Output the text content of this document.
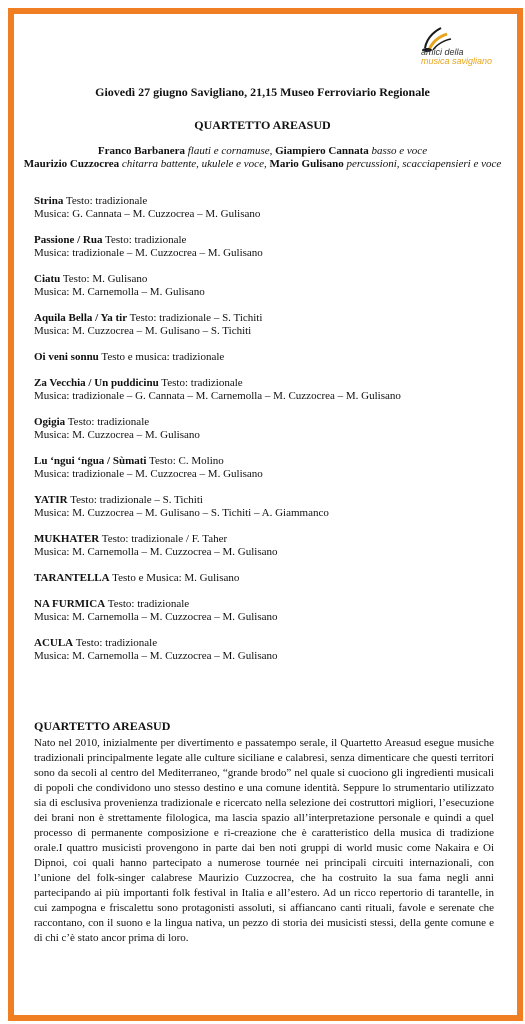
amici della
musica savigliano
Giovedì 27 giugno Savigliano, 21,15 Museo Ferroviario Regionale
QUARTETTO AREASUD
Franco Barbanera flauti e cornamuse, Giampiero Cannata basso e voce
Maurizio Cuzzocrea chitarra battente, ukulele e voce, Mario Gulisano percussioni, scacciapensieri e voce

Strina Testo: tradizionale

Musica: G. Cannata – M. Cuzzocrea – M. Gulisano

Passione / Rua Testo: tradizionale

Musica: tradizionale – M. Cuzzocrea – M. Gulisano

Ciatu Testo: M. Gulisano

Musica: M. Carnemolla – M. Gulisano

Aquila Bella / Ya tir Testo: tradizionale – S. Tichiti

Musica: M. Cuzzocrea – M. Gulisano – S. Tichiti

Oi veni sonnu Testo e musica: tradizionale

Za Vecchia / Un puddicinu Testo: tradizionale

Musica: tradizionale – G. Cannata – M. Carnemolla – M. Cuzzocrea – M. Gulisano

Ogigia Testo: tradizionale

Musica: M. Cuzzocrea – M. Gulisano

Lu ‘ngui ‘ngua / Sùmati Testo: C. Molino

Musica: tradizionale – M. Cuzzocrea – M. Gulisano

YATIR Testo: tradizionale – S. Tichiti

Musica: M. Cuzzocrea – M. Gulisano – S. Tichiti – A. Giammanco

MUKHATER Testo: tradizionale / F. Taher

Musica: M. Carnemolla – M. Cuzzocrea – M. Gulisano

TARANTELLA Testo e Musica: M. Gulisano

NA FURMICA Testo: tradizionale

Musica: M. Carnemolla – M. Cuzzocrea – M. Gulisano

ACULA Testo: tradizionale

Musica: M. Carnemolla – M. Cuzzocrea – M. Gulisano

QUARTETTO AREASUD

Nato nel 2010, inizialmente per divertimento e passatempo serale, il Quartetto Areasud esegue musiche tradizionali principalmente legate alle culture siciliane e calabresi, senza dimenticare che questi territori sono da secoli al centro del Mediterraneo, “grande brodo” nel quale si cuociono gli ingredienti musicali di popoli che condividono uno stesso destino e una comune identità. Seppure lo strumentario utilizzato sia di esclusiva provenienza tradizionale e ricercato nella selezione dei costruttori migliori, l’esecuzione dei brani non è strettamente filologica, ma lascia spazio all’interpretazione personale e quindi a quel processo di permanente composizione e ri-creazione che è caratteristico della musica di tradizione orale.I quattro musicisti provengono in parte dai ben noti gruppi di world music come Nakaira e Oi Dipnoi, coi quali hanno partecipato a numerose tournée nei principali circuiti internazionali, con l’unione del folk-singer calabrese Maurizio Cuzzocrea, che ha costruito la sua fama negli anni partecipando ai più importanti folk festival in Italia e all’estero. Ad un ricco repertorio di tarantelle, in cui zampogna e friscalettu sono protagonisti assoluti, si affiancano canti rituali, favole e serenate che raccontano, con il suono e la lingua nativa, un pezzo di storia dei musicisti stessi, della gente comune e di chi c’è stato ancor prima di loro.
